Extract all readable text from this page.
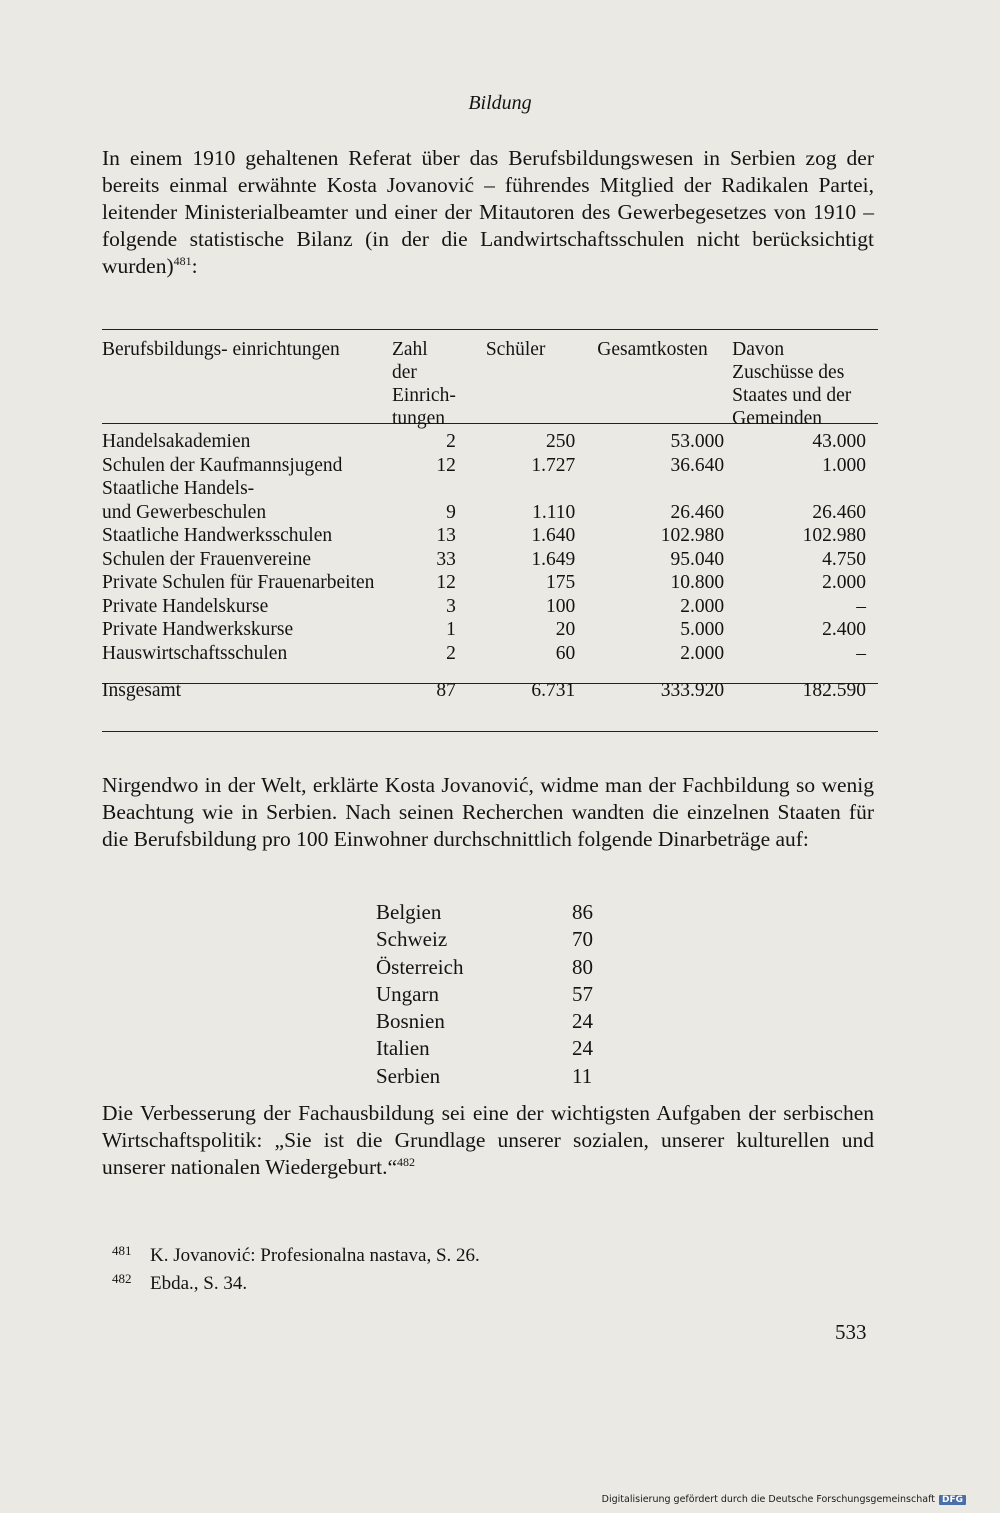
Bildung
In einem 1910 gehaltenen Referat über das Berufsbildungswesen in Serbien zog der bereits einmal erwähnte Kosta Jovanović – führendes Mitglied der Radikalen Partei, leitender Ministerialbeamter und einer der Mitautoren des Gewerbegesetzes von 1910 – folgende statistische Bilanz (in der die Landwirtschaftsschulen nicht berücksichtigt wurden)$^{481}$:
Berufsbildungs- einrichtungen	Zahl der Einrich- tungen	Schüler	Gesamtkosten	Davon Zuschüsse des Staates und der Gemeinden
Handelsakademien	2	250	53.000	43.000
Schulen der Kaufmannsjugend	12	1.727	36.640	1.000
Staatliche Handels-				
und Gewerbeschulen	9	1.110	26.460	26.460
Staatliche Handwerksschulen	13	1.640	102.980	102.980
Schulen der Frauenvereine	33	1.649	95.040	4.750
Private Schulen für Frauenarbeiten	12	175	10.800	2.000
Private Handelskurse	3	100	2.000	–
Private Handwerkskurse	1	20	5.000	2.400
Hauswirtschaftsschulen	2	60	2.000	–
Insgesamt	87	6.731	333.920	182.590
Nirgendwo in der Welt, erklärte Kosta Jovanović, widme man der Fachbildung so wenig Beachtung wie in Serbien. Nach seinen Recherchen wandten die einzelnen Staaten für die Berufsbildung pro 100 Einwohner durchschnittlich folgende Dinarbeträge auf:
Belgien	86
Schweiz	70
Österreich	80
Ungarn	57
Bosnien	24
Italien	24
Serbien	11
Die Verbesserung der Fachausbildung sei eine der wichtigsten Aufgaben der serbischen Wirtschaftspolitik: „Sie ist die Grundlage unserer sozialen, unserer kulturellen und unserer nationalen Wiedergeburt.“$^{482}$
481 K. Jovanović: Profesionalna nastava, S. 26.
482 Ebda., S. 34.
533
Digitalisierung gefördert durch die Deutsche Forschungsgemeinschaft DFG
